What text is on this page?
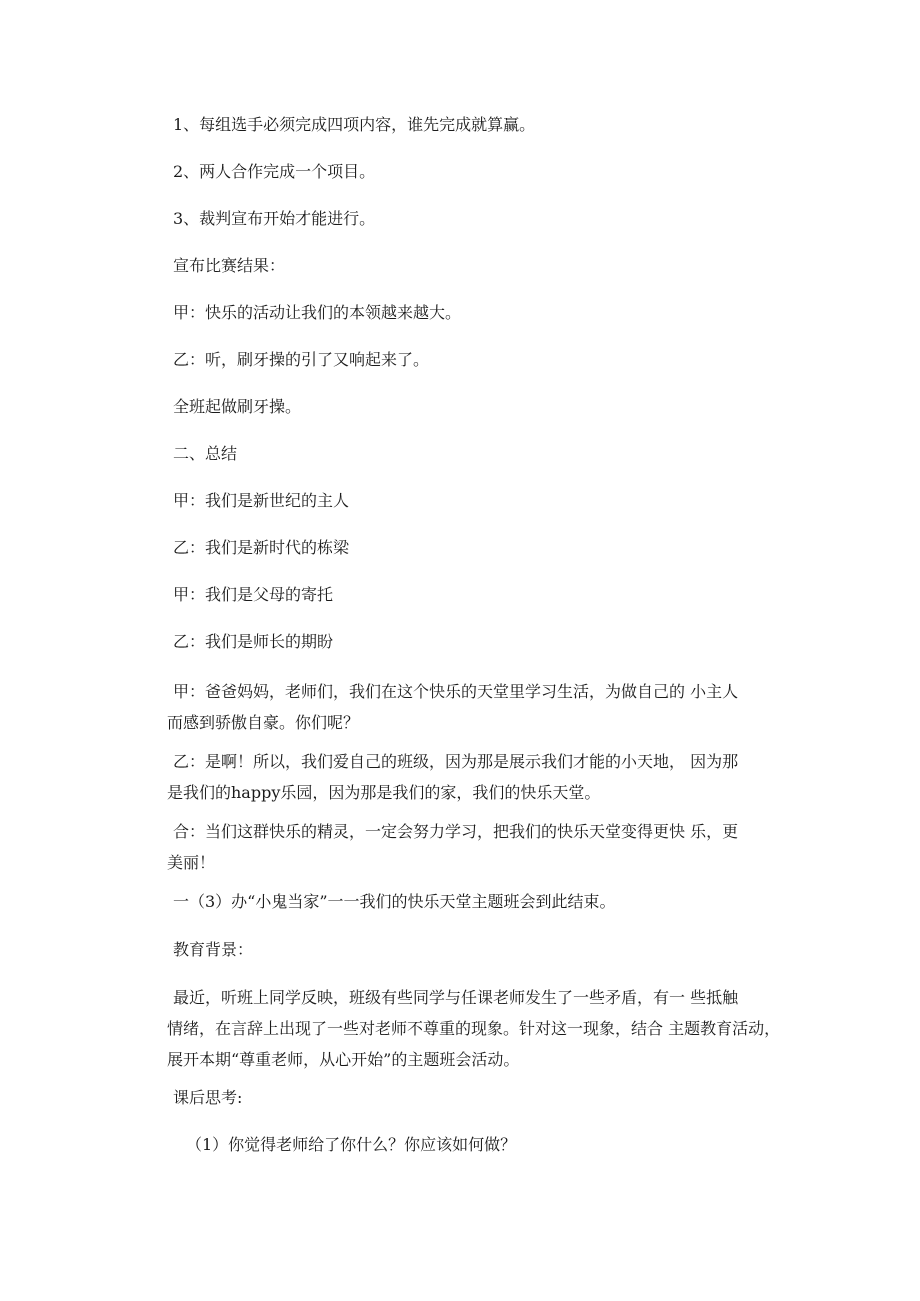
1、每组选手必须完成四项内容，谁先完成就算赢。

2、两人合作完成一个项目。

3、裁判宣布开始才能进行。

宣布比赛结果：

甲：快乐的活动让我们的本领越来越大。

乙：听，刷牙操的引了又响起来了。

全班起做刷牙操。

二、总结

甲：我们是新世纪的主人

乙：我们是新时代的栋梁

甲：我们是父母的寄托

乙：我们是师长的期盼

甲：爸爸妈妈，老师们，我们在这个快乐的天堂里学习生活，为做自己的 小主人
而感到骄傲自豪。你们呢？
乙：是啊！所以，我们爱自己的班级，因为那是展示我们才能的小天地， 因为那
是我们的happy乐园，因为那是我们的家，我们的快乐天堂。
合：当们这群快乐的精灵，一定会努力学习，把我们的快乐天堂变得更快 乐，更
美丽！

一（3）办“小鬼当家”一一我们的快乐天堂主题班会到此结束。

教育背景：

最近，听班上同学反映，班级有些同学与任课老师发生了一些矛盾，有一 些抵触
情绪，在言辞上出现了一些对老师不尊重的现象。针对这一现象，结合 主题教育活动，
展开本期“尊重老师，从心开始”的主题班会活动。

课后思考:

（1）你觉得老师给了你什么？你应该如何做？
